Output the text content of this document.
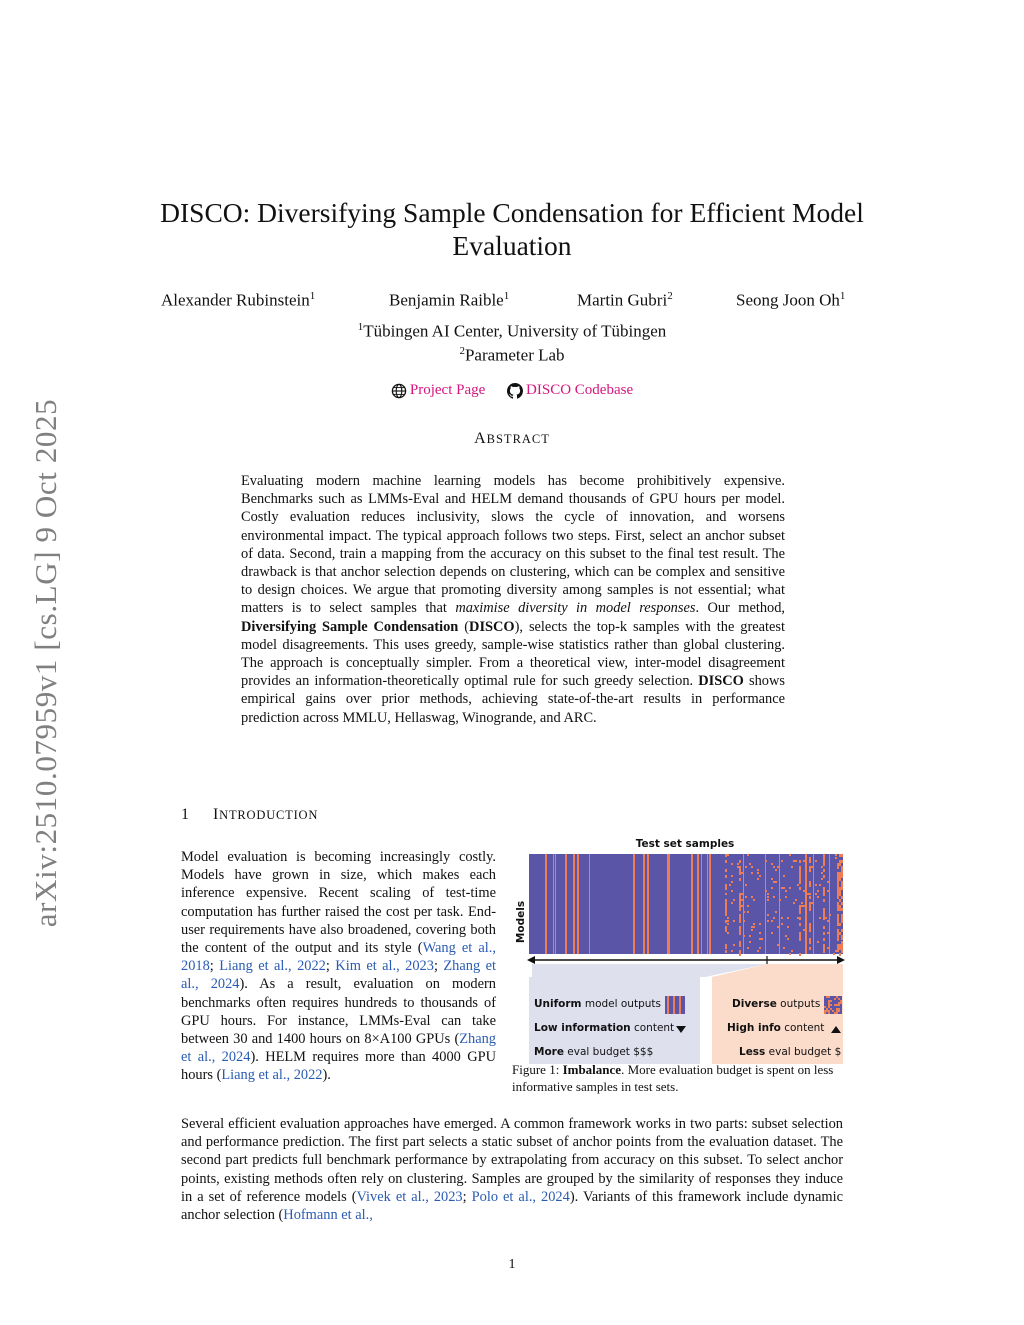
arXiv:2510.07959v1 [cs.LG] 9 Oct 2025
DISCO: Diversifying Sample Condensation for Efficient Model Evaluation
Alexander Rubinstein$^1$	Benjamin Raible$^1$	Martin Gubri$^2$	Seong Joon Oh$^1$
$^1$Tübingen AI Center, University of Tübingen
$^2$Parameter Lab
Project Page
	DISCO Codebase
ABSTRACT

Evaluating modern machine learning models has become prohibitively expensive. Benchmarks such as LMMs-Eval and HELM demand thousands of GPU hours per model. Costly evaluation reduces inclusivity, slows the cycle of innovation, and worsens environmental impact. The typical approach follows two steps. First, select an anchor subset of data. Second, train a mapping from the accuracy on this subset to the final test result. The drawback is that anchor selection depends on clustering, which can be complex and sensitive to design choices. We argue that promoting diversity among samples is not essential; what matters is to select samples that maximise diversity in model responses. Our method, Diversifying Sample Condensation (DISCO), selects the top-k samples with the greatest model disagreements. This uses greedy, sample-wise statistics rather than global clustering. The approach is conceptually simpler. From a theoretical view, inter-model disagreement provides an information-theoretically optimal rule for such greedy selection. DISCO shows empirical gains over prior methods, achieving state-of-the-art results in performance prediction across MMLU, Hellaswag, Winogrande, and ARC.

1 INTRODUCTION

Model evaluation is becoming increasingly costly. Models have grown in size, which makes each inference expensive. Recent scaling of test-time computation has further raised the cost per task. End-user requirements have also broadened, covering both the content of the output and its style (Wang et al., 2018; Liang et al., 2022; Kim et al., 2023; Zhang et al., 2024). As a result, evaluation on modern benchmarks often requires hundreds to thousands of GPU hours. For instance, LMMs-Eval can take between 30 and 1400 hours on 8×A100 GPUs (Zhang et al., 2024). HELM requires more than 4000 GPU hours (Liang et al., 2022).

Test set samples
Models
Uniform model outputs
Low information content
More eval budget $$$
Diverse outputs
High info content
Less eval budget $

Figure 1: Imbalance. More evaluation budget is spent on less informative samples in test sets.

Several efficient evaluation approaches have emerged. A common framework works in two parts: subset selection and performance prediction. The first part selects a static subset of anchor points from the evaluation dataset. The second part predicts full benchmark performance by extrapolating from accuracy on this subset. To select anchor points, existing methods often rely on clustering. Samples are grouped by the similarity of responses they induce in a set of reference models (Vivek et al., 2023; Polo et al., 2024). Variants of this framework include dynamic anchor selection (Hofmann et al.,

1
